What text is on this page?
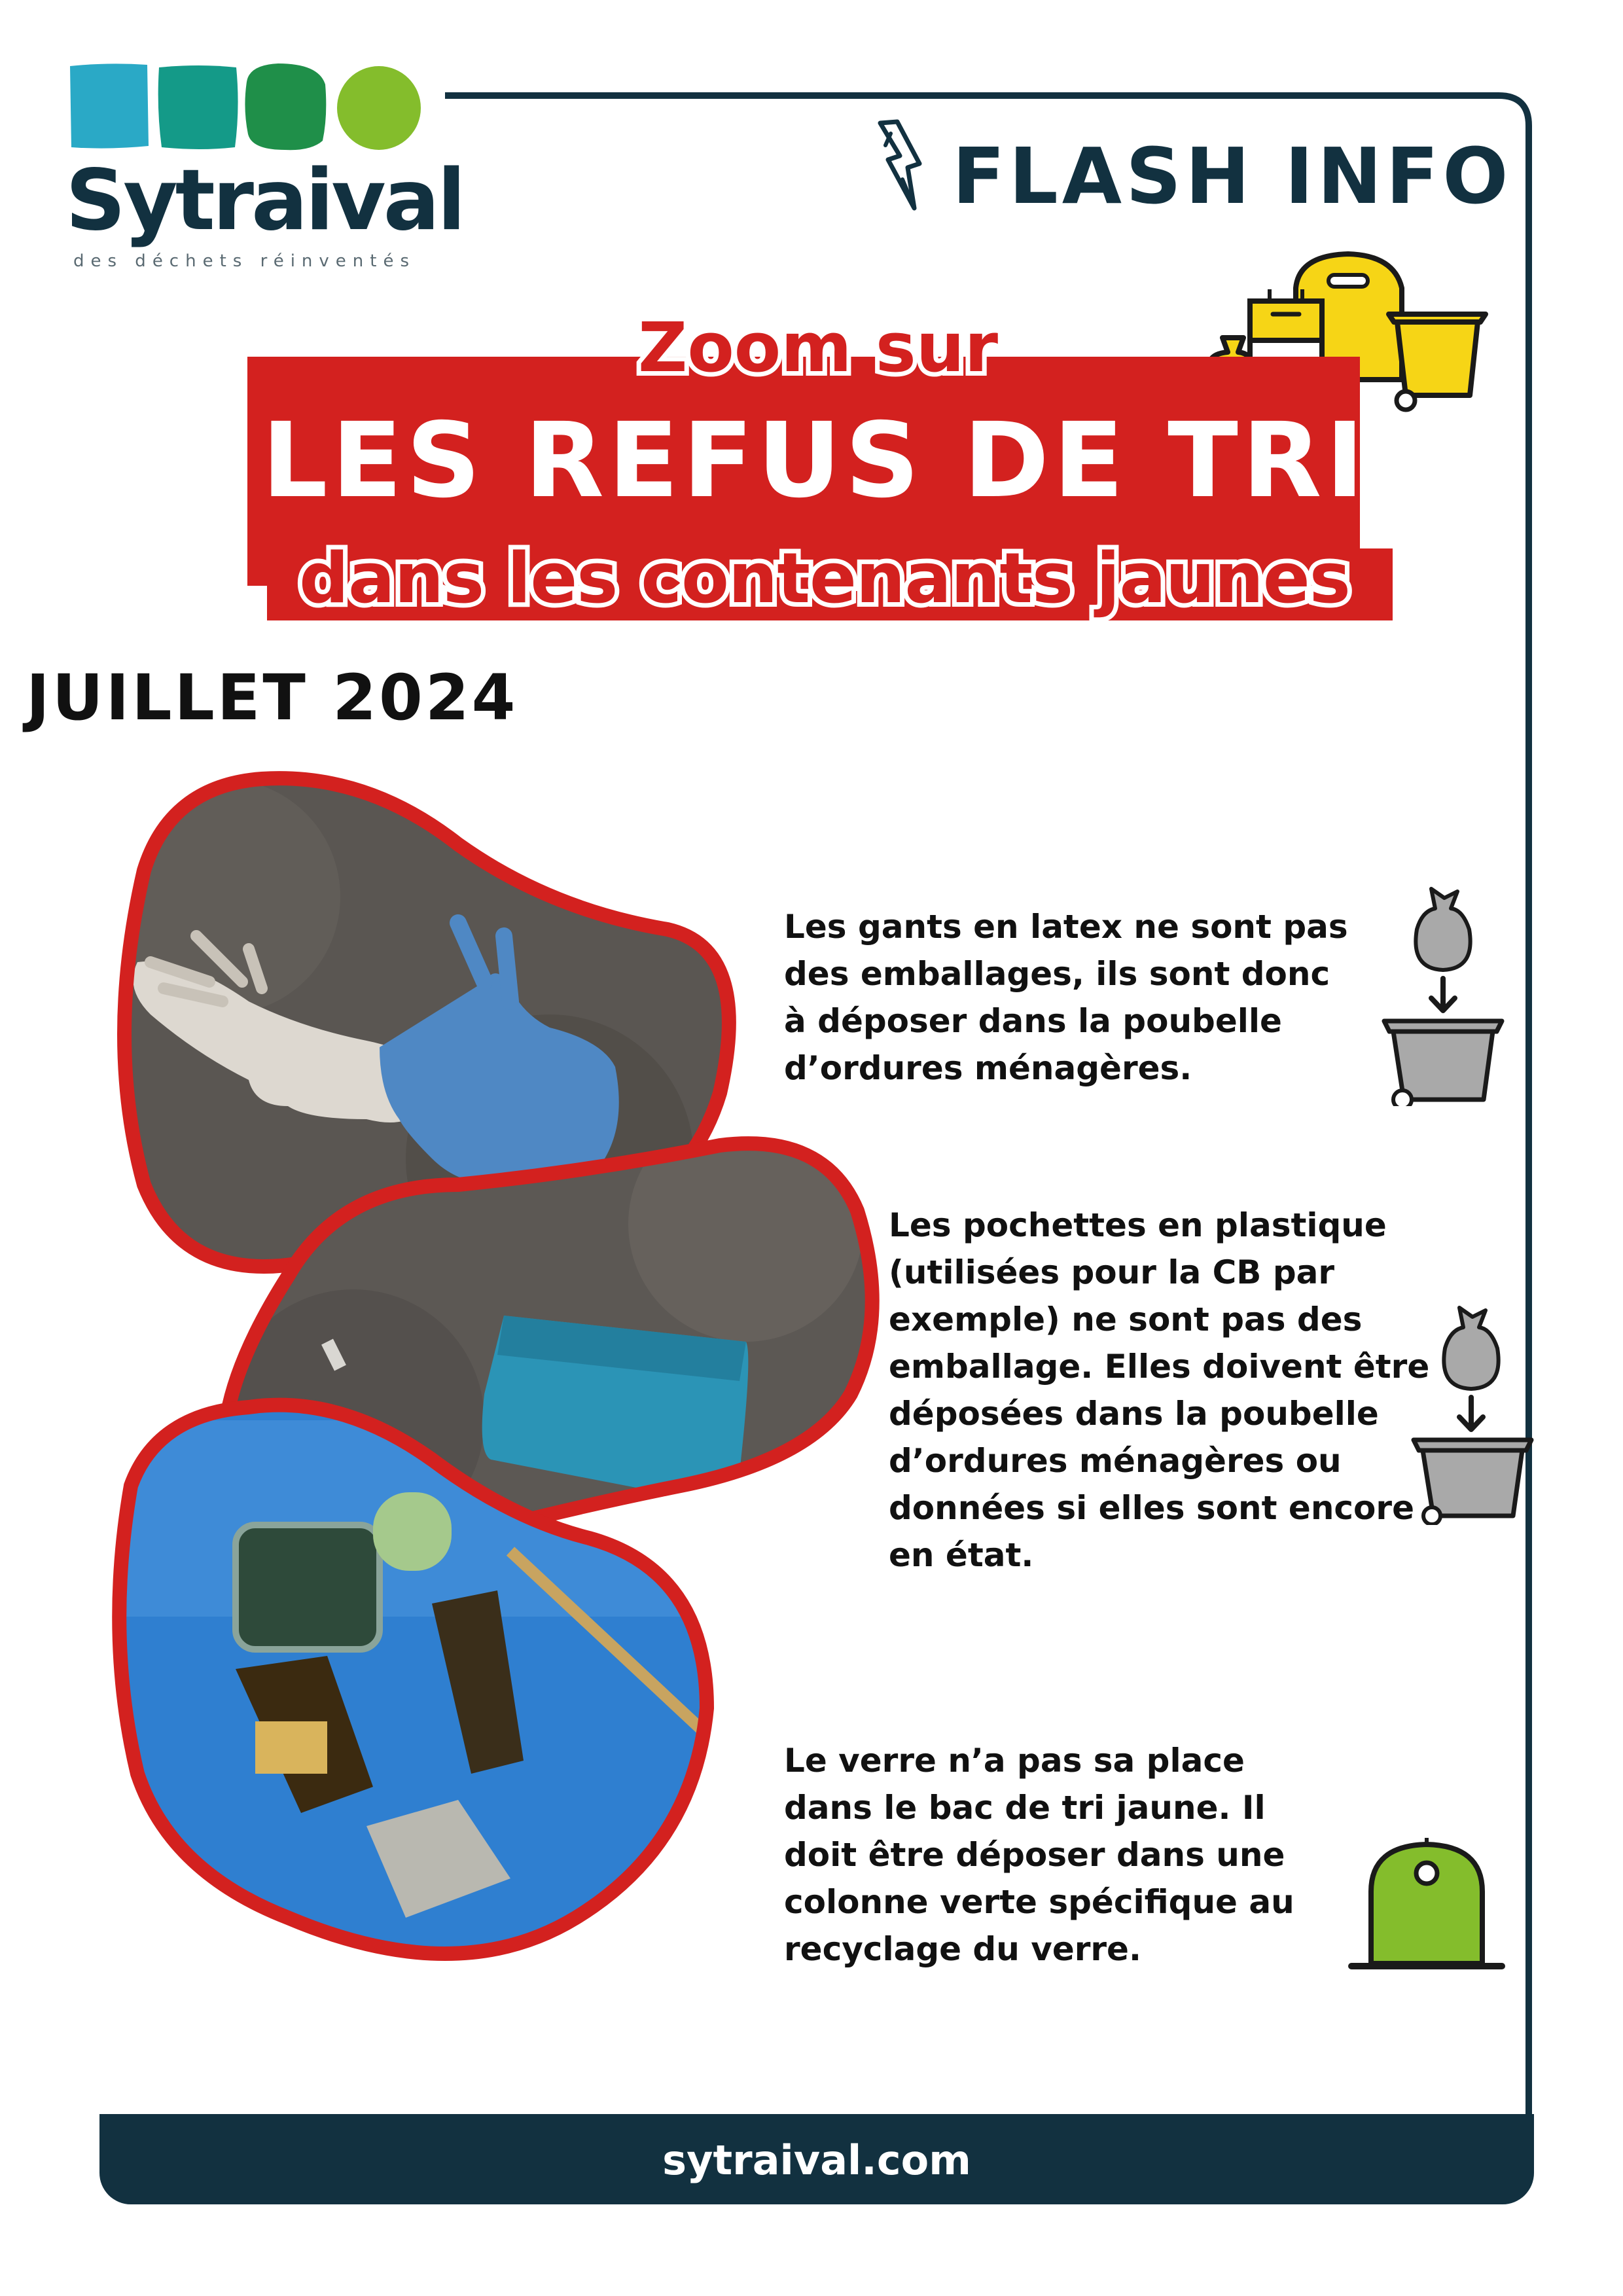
Sytraival
des déchets réinventés
FLASH INFO
Zoom sur
LES REFUS DE TRI
dans les contenants jaunes
JUILLET 2024
Les gants en latex ne sont pas
des emballages, ils sont donc
à déposer dans la poubelle
d’ordures ménagères.
Les pochettes en plastique
(utilisées pour la CB par
exemple) ne sont pas des
emballage. Elles doivent être
déposées dans la poubelle
d’ordures ménagères ou
données si elles sont encore
en état.
Le verre n’a pas sa place
dans le bac de tri jaune. Il
doit être déposer dans une
colonne verte spécifique au
recyclage du verre.
sytraival.com
